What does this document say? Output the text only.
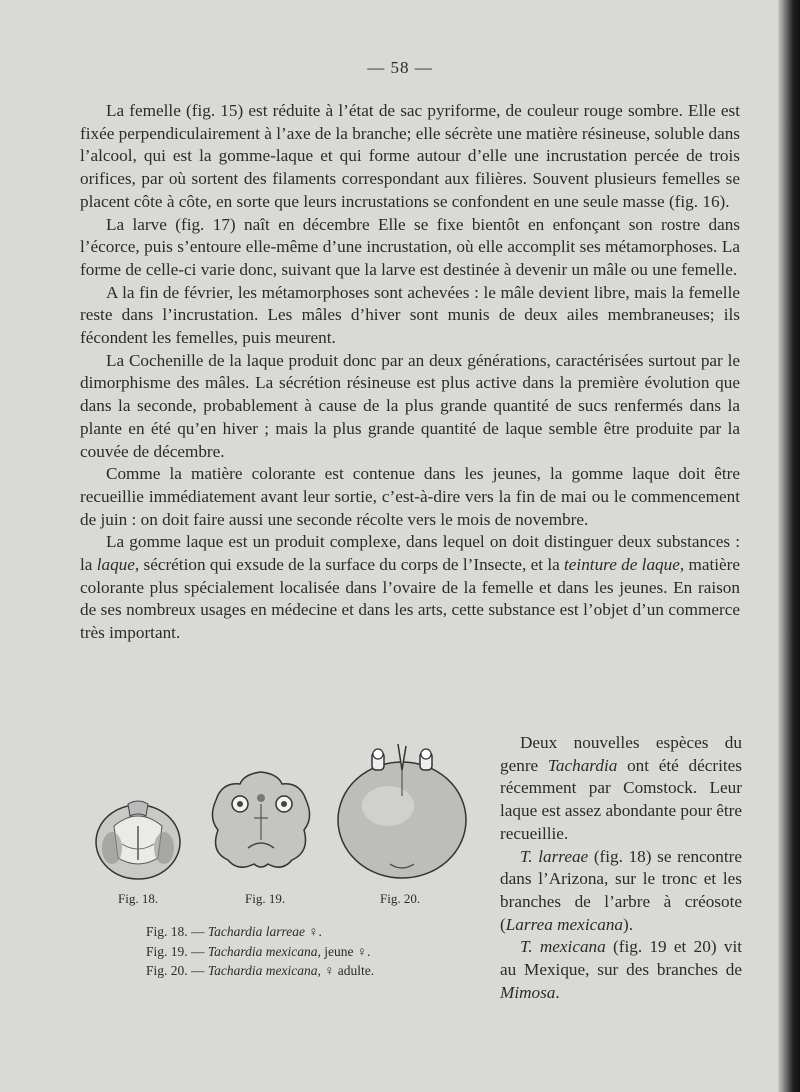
— 58 —

La femelle (fig. 15) est réduite à l’état de sac pyriforme, de couleur rouge sombre. Elle est fixée perpendiculairement à l’axe de la branche; elle sécrète une matière résineuse, soluble dans l’alcool, qui est la gomme-laque et qui forme autour d’elle une incrustation percée de trois orifices, par où sortent des filaments correspondant aux filières. Souvent plusieurs femelles se placent côte à côte, en sorte que leurs incrustations se confondent en une seule masse (fig. 16).

La larve (fig. 17) naît en décembre Elle se fixe bientôt en enfonçant son rostre dans l’écorce, puis s’entoure elle-même d’une incrustation, où elle accomplit ses métamorphoses. La forme de celle-ci varie donc, suivant que la larve est destinée à devenir un mâle ou une femelle.

A la fin de février, les métamorphoses sont achevées : le mâle devient libre, mais la femelle reste dans l’incrustation. Les mâles d’hiver sont munis de deux ailes membraneuses; ils fécondent les femelles, puis meurent.

La Cochenille de la laque produit donc par an deux générations, caractérisées surtout par le dimorphisme des mâles. La sécrétion résineuse est plus active dans la première évolution que dans la seconde, probablement à cause de la plus grande quantité de sucs renfermés dans la plante en été qu’en hiver ; mais la plus grande quantité de laque semble être produite par la couvée de décembre.

Comme la matière colorante est contenue dans les jeunes, la gomme laque doit être recueillie immédiatement avant leur sortie, c’est-à-dire vers la fin de mai ou le commencement de juin : on doit faire aussi une seconde récolte vers le mois de novembre.

La gomme laque est un produit complexe, dans lequel on doit distinguer deux substances : la laque, sécrétion qui exsude de la surface du corps de l’Insecte, et la teinture de laque, matière colorante plus spécialement localisée dans l’ovaire de la femelle et dans les jeunes. En raison de ses nombreux usages en médecine et dans les arts, cette substance est l’objet d’un commerce très important.

Deux nouvelles espèces du genre Tachardia ont été décrites récemment par Comstock. Leur laque est assez abondante pour être recueillie.

T. larreae (fig. 18) se rencontre dans l’Arizona, sur le tronc et les branches de l’arbre à créosote (Larrea mexicana).

T. mexicana (fig. 19 et 20) vit au Mexique, sur des branches de Mimosa.

Fig. 18.	Fig. 19.	Fig. 20.
Fig. 18. — Tachardia larreae ♀.
Fig. 19. — Tachardia mexicana, jeune ♀.
Fig. 20. — Tachardia mexicana, ♀ adulte.
